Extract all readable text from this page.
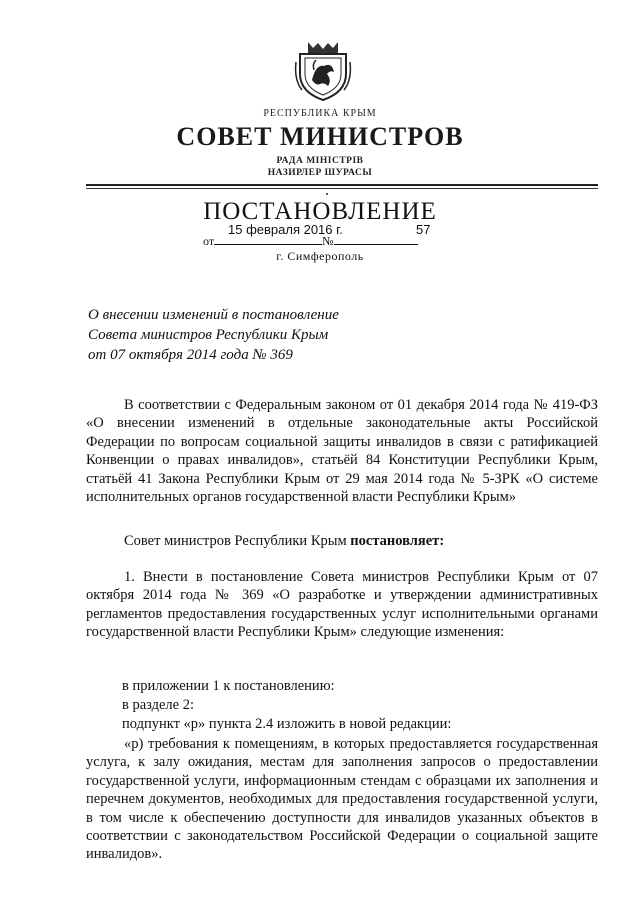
РЕСПУБЛИКА КРЫМ
СОВЕТ МИНИСТРОВ
РАДА МІНІСТРІВ
НАЗИРЛЕР ШУРАСЫ
ПОСТАНОВЛЕНИЕ
15 февраля 2016 г.	57
от	№
г. Симферополь
О внесении изменений в постановление
Совета министров Республики Крым
от 07 октября 2014 года № 369
В соответствии с Федеральным законом от 01 декабря 2014 года № 419-ФЗ «О внесении изменений в отдельные законодательные акты Российской Федерации по вопросам социальной защиты инвалидов в связи с ратификацией Конвенции о правах инвалидов», статьёй 84 Конституции Республики Крым, статьёй 41 Закона Республики Крым от 29 мая 2014 года № 5-ЗРК «О системе исполнительных органов государственной власти Республики Крым»
Совет министров Республики Крым постановляет:
1. Внести в постановление Совета министров Республики Крым от 07 октября 2014 года № 369 «О разработке и утверждении административных регламентов предоставления государственных услуг исполнительными органами государственной власти Республики Крым» следующие изменения:
в приложении 1 к постановлению:
в разделе 2:
подпункт «р» пункта 2.4 изложить в новой редакции:
«р) требования к помещениям, в которых предоставляется государственная услуга, к залу ожидания, местам для заполнения запросов о предоставлении государственной услуги, информационным стендам с образцами их заполнения и перечнем документов, необходимых для предоставления государственной услуги, в том числе к обеспечению доступности для инвалидов указанных объектов в соответствии с законодательством Российской Федерации о социальной защите инвалидов».
